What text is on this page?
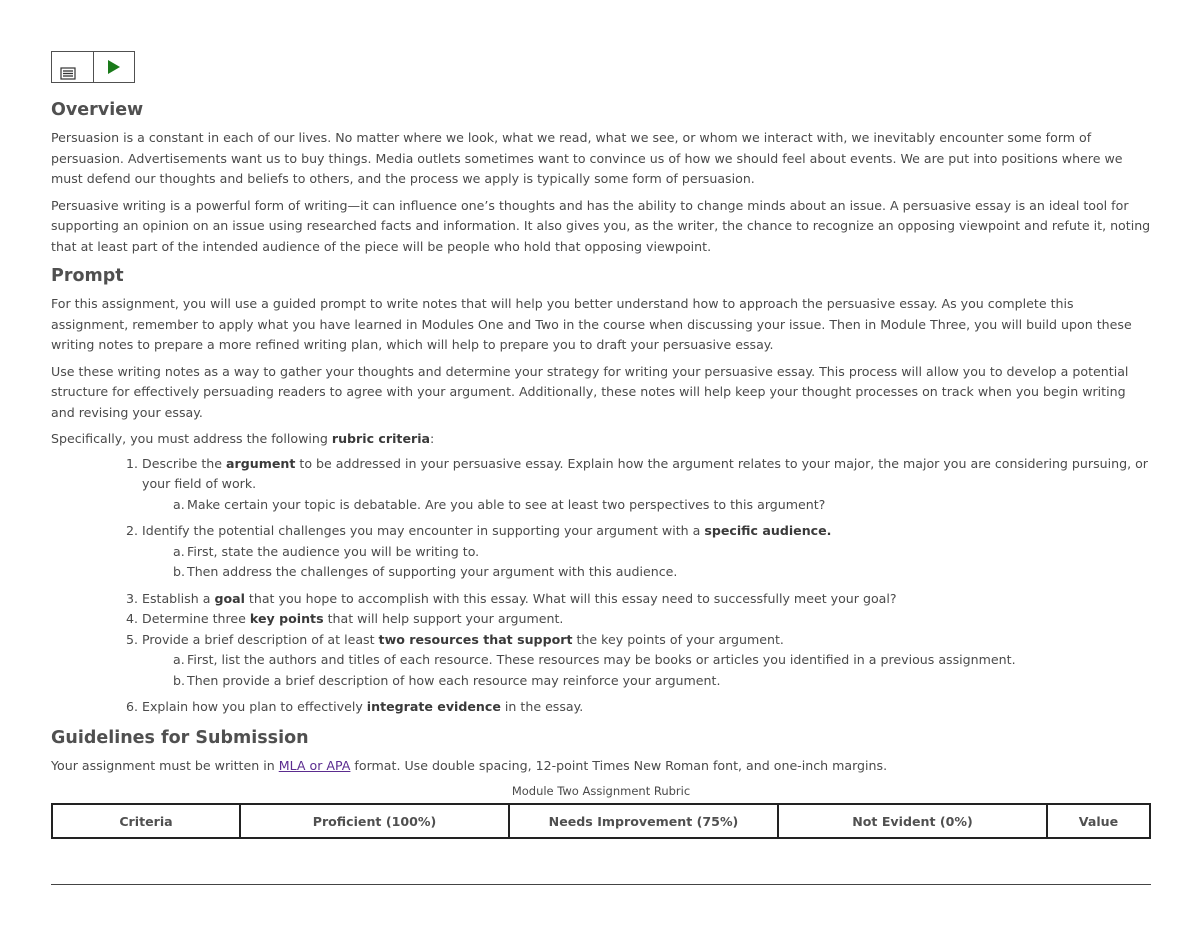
Overview

Persuasion is a constant in each of our lives. No matter where we look, what we read, what we see, or whom we interact with, we inevitably encounter some form of persuasion. Advertisements want us to buy things. Media outlets sometimes want to convince us of how we should feel about events. We are put into positions where we must defend our thoughts and beliefs to others, and the process we apply is typically some form of persuasion.

Persuasive writing is a powerful form of writing—it can influence one’s thoughts and has the ability to change minds about an issue. A persuasive essay is an ideal tool for supporting an opinion on an issue using researched facts and information. It also gives you, as the writer, the chance to recognize an opposing viewpoint and refute it, noting that at least part of the intended audience of the piece will be people who hold that opposing viewpoint.

Prompt

For this assignment, you will use a guided prompt to write notes that will help you better understand how to approach the persuasive essay. As you complete this assignment, remember to apply what you have learned in Modules One and Two in the course when discussing your issue. Then in Module Three, you will build upon these writing notes to prepare a more refined writing plan, which will help to prepare you to draft your persuasive essay.

Use these writing notes as a way to gather your thoughts and determine your strategy for writing your persuasive essay. This process will allow you to develop a potential structure for effectively persuading readers to agree with your argument. Additionally, these notes will help keep your thought processes on track when you begin writing and revising your essay.

Specifically, you must address the following rubric criteria:

1. Describe the argument to be addressed in your persuasive essay. Explain how the argument relates to your major, the major you are considering pursuing, or your field of work.
a. Make certain your topic is debatable. Are you able to see at least two perspectives to this argument?
2. Identify the potential challenges you may encounter in supporting your argument with a specific audience.
a. First, state the audience you will be writing to.
b. Then address the challenges of supporting your argument with this audience.
3. Establish a goal that you hope to accomplish with this essay. What will this essay need to successfully meet your goal?
4. Determine three key points that will help support your argument.
5. Provide a brief description of at least two resources that support the key points of your argument.
a. First, list the authors and titles of each resource. These resources may be books or articles you identified in a previous assignment.
b. Then provide a brief description of how each resource may reinforce your argument.
6. Explain how you plan to effectively integrate evidence in the essay.
Guidelines for Submission

Your assignment must be written in MLA or APA format. Use double spacing, 12-point Times New Roman font, and one-inch margins.

Module Two Assignment Rubric
Criteria	Proficient (100%)	Needs Improvement (75%)	Not Evident (0%)	Value
